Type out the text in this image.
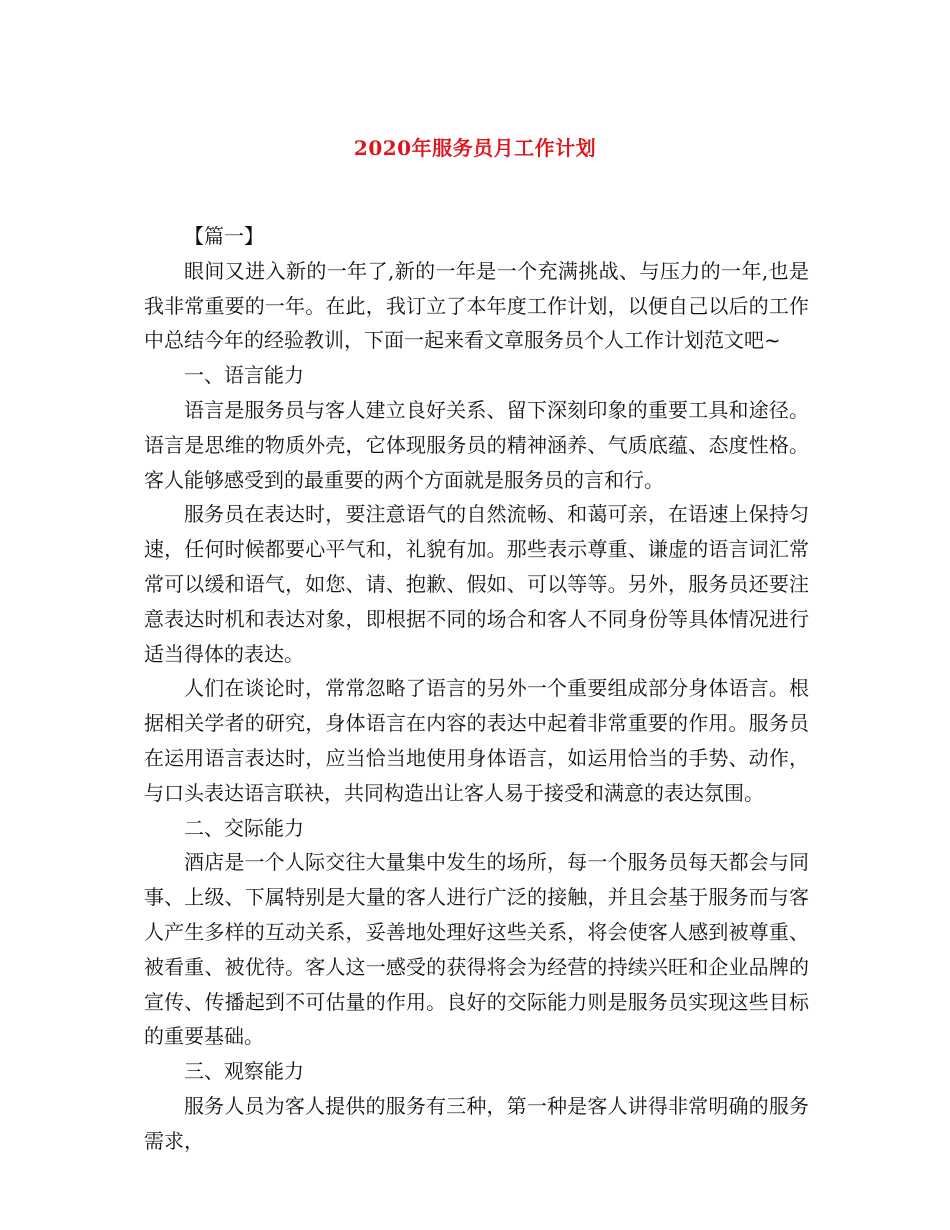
2020年服务员月工作计划

【篇一】

眼间又进入新的一年了,新的一年是一个充满挑战、与压力的一年,也是我非常重要的一年。在此，我订立了本年度工作计划，以便自己以后的工作中总结今年的经验教训，下面一起来看文章服务员个人工作计划范文吧~

一、语言能力

语言是服务员与客人建立良好关系、留下深刻印象的重要工具和途径。语言是思维的物质外壳，它体现服务员的精神涵养、气质底蕴、态度性格。客人能够感受到的最重要的两个方面就是服务员的言和行。

服务员在表达时，要注意语气的自然流畅、和蔼可亲，在语速上保持匀速，任何时候都要心平气和，礼貌有加。那些表示尊重、谦虚的语言词汇常常可以缓和语气，如您、请、抱歉、假如、可以等等。另外，服务员还要注意表达时机和表达对象，即根据不同的场合和客人不同身份等具体情况进行适当得体的表达。

人们在谈论时，常常忽略了语言的另外一个重要组成部分身体语言。根据相关学者的研究，身体语言在内容的表达中起着非常重要的作用。服务员在运用语言表达时，应当恰当地使用身体语言，如运用恰当的手势、动作，与口头表达语言联袂，共同构造出让客人易于接受和满意的表达氛围。

二、交际能力

酒店是一个人际交往大量集中发生的场所，每一个服务员每天都会与同事、上级、下属特别是大量的客人进行广泛的接触，并且会基于服务而与客人产生多样的互动关系，妥善地处理好这些关系，将会使客人感到被尊重、被看重、被优待。客人这一感受的获得将会为经营的持续兴旺和企业品牌的宣传、传播起到不可估量的作用。良好的交际能力则是服务员实现这些目标的重要基础。

三、观察能力

服务人员为客人提供的服务有三种，第一种是客人讲得非常明确的服务需求，
